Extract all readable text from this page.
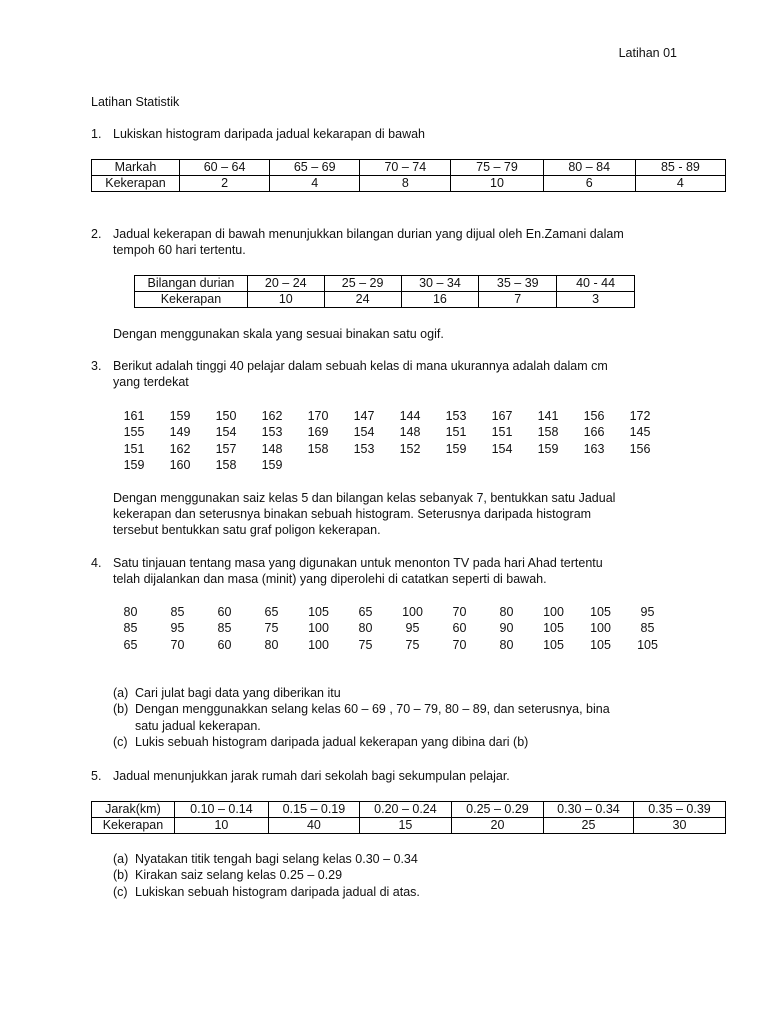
Latihan 01
Latihan Statistik
1. Lukiskan histogram daripada jadual kekarapan di bawah
Markah	60 – 64	65 – 69	70 – 74	75 – 79	80 – 84	85 - 89
Kekerapan	2	4	8	10	6	4
2. Jadual kekerapan di bawah menunjukkan bilangan durian yang dijual oleh En.Zamani dalam
tempoh 60 hari tertentu.
Bilangan durian	20 – 24	25 – 29	30 – 34	35 – 39	40 - 44
Kekerapan	10	24	16	7	3
Dengan menggunakan skala yang sesuai binakan satu ogif.
3. Berikut adalah tinggi 40 pelajar dalam sebuah kelas di mana ukurannya adalah dalam cm
yang terdekat
161	159	150	162	170	147	144	153	167	141	156	172
155	149	154	153	169	154	148	151	151	158	166	145
151	162	157	148	158	153	152	159	154	159	163	156
159	160	158	159
Dengan menggunakan saiz kelas 5 dan bilangan kelas sebanyak 7, bentukkan satu Jadual
kekerapan dan seterusnya binakan sebuah histogram. Seterusnya daripada histogram
tersebut bentukkan satu graf poligon kekerapan.
4. Satu tinjauan tentang masa yang digunakan untuk menonton TV pada hari Ahad tertentu
telah dijalankan dan masa (minit) yang diperolehi di catatkan seperti di bawah.
80	85	60	65	105	65	100	70	80	100	105	95
85	95	85	75	100	80	95	60	90	105	100	85
65	70	60	80	100	75	75	70	80	105	105	105
(a) Cari julat bagi data yang diberikan itu
(b) Dengan menggunakkan selang kelas 60 – 69 , 70 – 79, 80 – 89, dan seterusnya, bina
satu jadual kekerapan.
(c) Lukis sebuah histogram daripada jadual kekerapan yang dibina dari (b)
5. Jadual menunjukkan jarak rumah dari sekolah bagi sekumpulan pelajar.
Jarak(km)	0.10 – 0.14	0.15 – 0.19	0.20 – 0.24	0.25 – 0.29	0.30 – 0.34	0.35 – 0.39
Kekerapan	10	40	15	20	25	30
(a) Nyatakan titik tengah bagi selang kelas 0.30 – 0.34
(b) Kirakan saiz selang kelas 0.25 – 0.29
(c) Lukiskan sebuah histogram daripada jadual di atas.
